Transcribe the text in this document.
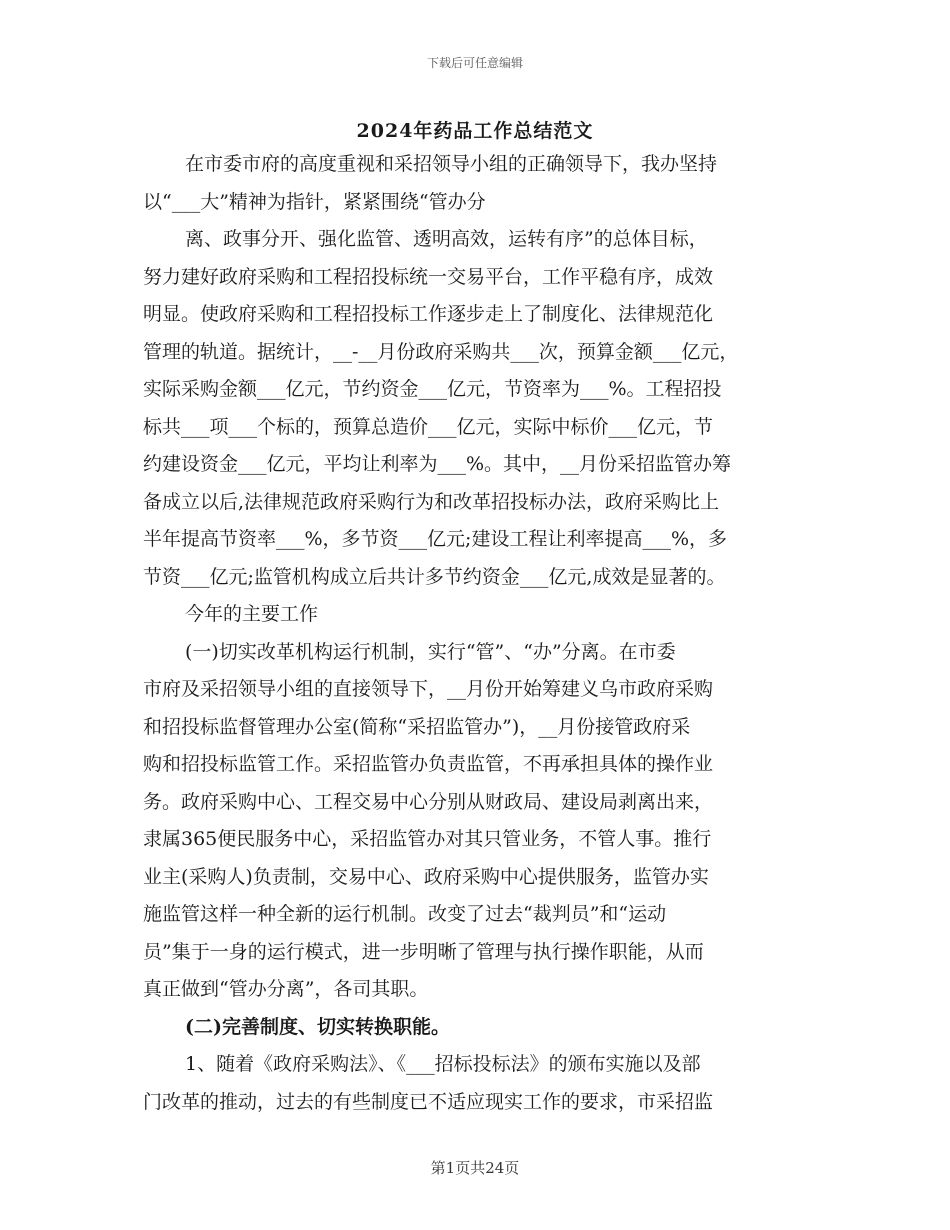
下载后可任意编辑
2024年药品工作总结范文
在市委市府的高度重视和采招领导小组的正确领导下，我办坚持
以“___大”精神为指针，紧紧围绕“管办分
离、政事分开、强化监管、透明高效，运转有序”的总体目标，
努力建好政府采购和工程招投标统一交易平台，工作平稳有序，成效
明显。使政府采购和工程招投标工作逐步走上了制度化、法律规范化
管理的轨道。据统计，__-__月份政府采购共___次，预算金额___亿元，
实际采购金额___亿元，节约资金___亿元，节资率为___%。工程招投
标共___项___个标的，预算总造价___亿元，实际中标价___亿元，节
约建设资金___亿元，平均让利率为___%。其中，__月份采招监管办筹
备成立以后,法律规范政府采购行为和改革招投标办法，政府采购比上
半年提高节资率___%，多节资___亿元;建设工程让利率提高___%，多
节资___亿元;监管机构成立后共计多节约资金___亿元,成效是显著的。
今年的主要工作
(一)切实改革机构运行机制，实行“管”、“办”分离。在市委
市府及采招领导小组的直接领导下，__月份开始筹建义乌市政府采购
和招投标监督管理办公室(简称“采招监管办”)，__月份接管政府采
购和招投标监管工作。采招监管办负责监管，不再承担具体的操作业
务。政府采购中心、工程交易中心分别从财政局、建设局剥离出来，
隶属365便民服务中心，采招监管办对其只管业务，不管人事。推行
业主(采购人)负责制，交易中心、政府采购中心提供服务，监管办实
施监管这样一种全新的运行机制。改变了过去“裁判员”和“运动
员”集于一身的运行模式，进一步明晰了管理与执行操作职能，从而
真正做到“管办分离”，各司其职。
(二)完善制度、切实转换职能。
1、随着《政府采购法》、《___招标投标法》的颁布实施以及部
门改革的推动，过去的有些制度已不适应现实工作的要求，市采招监
第1页共24页
